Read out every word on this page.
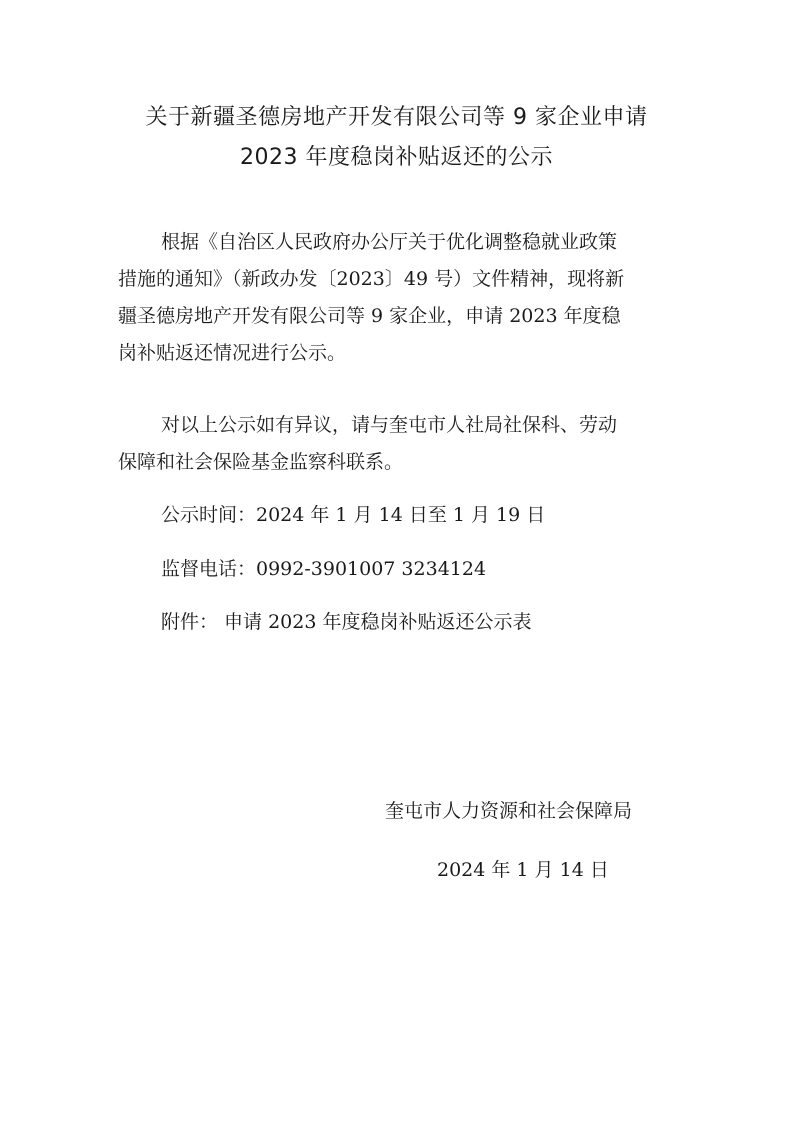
关于新疆圣德房地产开发有限公司等 9 家企业申请
2023 年度稳岗补贴返还的公示

根据《自治区人民政府办公厅关于优化调整稳就业政策
措施的通知》（新政办发〔2023〕49 号）文件精神，现将新
疆圣德房地产开发有限公司等 9 家企业，申请 2023 年度稳
岗补贴返还情况进行公示。

对以上公示如有异议，请与奎屯市人社局社保科、劳动
保障和社会保险基金监察科联系。

公示时间：2024 年 1 月 14 日至 1 月 19 日

监督电话：0992-3901007 3234124

附件： 申请 2023 年度稳岗补贴返还公示表

奎屯市人力资源和社会保障局

2024 年 1 月 14 日
